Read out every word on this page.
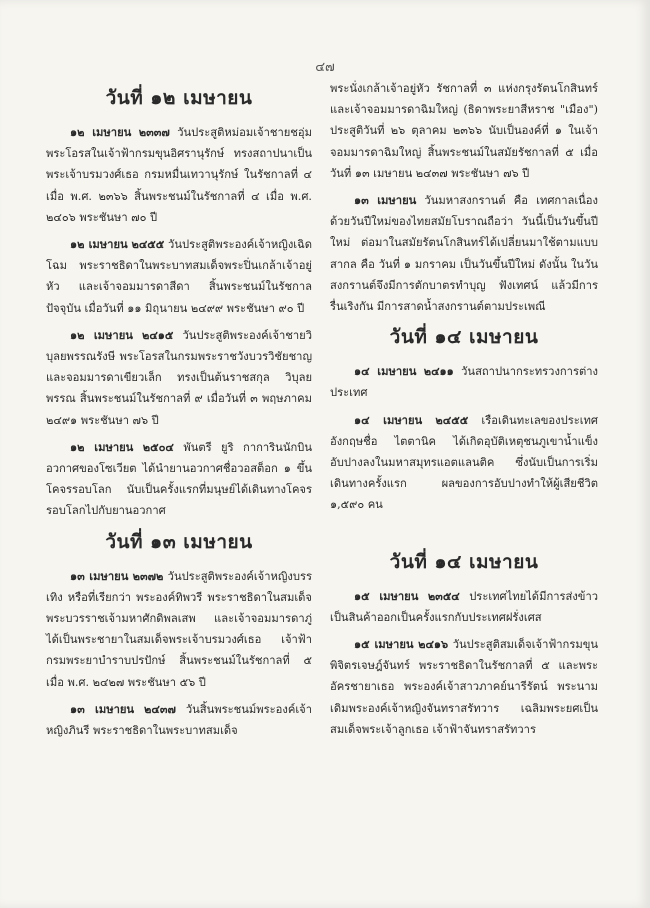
๔๗
วันที่ ๑๒ เมษายน

๑๒ เมษายน ๒๓๓๗ วันประสูติหม่อมเจ้าชายชอุ่ม พระโอรสในเจ้าฟ้ากรมขุนอิศรานุรักษ์ ทรงสถาปนาเป็นพระเจ้าบรมวงศ์เธอ กรมหมื่นเทวานุรักษ์ ในรัชกาลที่ ๔ เมื่อ พ.ศ. ๒๓๖๖ สิ้นพระชนม์ในรัชกาลที่ ๔ เมื่อ พ.ศ. ๒๔๐๖ พระชันษา ๗๐ ปี

๑๒ เมษายน ๒๔๕๕ วันประสูติพระองค์เจ้าหญิงเฉิดโฉม พระราชธิดาในพระบาทสมเด็จพระปิ่นเกล้าเจ้าอยู่หัว และเจ้าจอมมารดาสีดา สิ้นพระชนม์ในรัชกาลปัจจุบัน เมื่อวันที่ ๑๑ มิถุนายน ๒๔๙๙ พระชันษา ๙๐ ปี

๑๒ เมษายน ๒๔๑๕ วันประสูติพระองค์เจ้าชายวิบุลยพรรณรังษี พระโอรสในกรมพระราชวังบวรวิชัยชาญ และจอมมารดาเขียวเล็ก ทรงเป็นต้นราชสกุล วิบุลยพรรณ สิ้นพระชนม์ในรัชกาลที่ ๙ เมื่อวันที่ ๓ พฤษภาคม ๒๔๙๑ พระชันษา ๗๖ ปี

๑๒ เมษายน ๒๕๐๔ พันตรี ยูริ กาการินนักบินอวกาศของโซเวียต ได้นำยานอวกาศชื่อวอสต็อก ๑ ขึ้นโคจรรอบโลก นับเป็นครั้งแรกที่มนุษย์ได้เดินทางโคจรรอบโลกไปกับยานอวกาศ

วันที่ ๑๓ เมษายน

๑๓ เมษายน ๒๓๗๒ วันประสูติพระองค์เจ้าหญิงบรรเทิง หรือที่เรียกว่า พระองค์ทิพวรี พระราชธิดาในสมเด็จพระบวรราชเจ้ามหาศักดิพลเสพ และเจ้าจอมมารดาภู่ ได้เป็นพระชายาในสมเด็จพระเจ้าบรมวงศ์เธอ เจ้าฟ้ากรมพระยาบำราบปรปักษ์ สิ้นพระชนม์ในรัชกาลที่ ๕ เมื่อ พ.ศ. ๒๔๒๗ พระชันษา ๕๖ ปี

๑๓ เมษายน ๒๔๓๗ วันสิ้นพระชนม์พระองค์เจ้าหญิงภินรี พระราชธิดาในพระบาทสมเด็จ

พระนั่งเกล้าเจ้าอยู่หัว รัชกาลที่ ๓ แห่งกรุงรัตนโกสินทร์ และเจ้าจอมมารดาฉิมใหญ่ (ธิดาพระยาสีหราช "เมือง") ประสูติวันที่ ๒๖ ตุลาคม ๒๓๖๖ นับเป็นองค์ที่ ๑ ในเจ้าจอมมารดาฉิมใหญ่ สิ้นพระชนม์ในสมัยรัชกาลที่ ๕ เมื่อวันที่ ๑๓ เมษายน ๒๔๓๗ พระชันษา ๗๖ ปี

๑๓ เมษายน วันมหาสงกรานต์ คือ เทศกาลเนื่องด้วยวันปีใหม่ของไทยสมัยโบราณถือว่า วันนี้เป็นวันขึ้นปีใหม่ ต่อมาในสมัยรัตนโกสินทร์ได้เปลี่ยนมาใช้ตามแบบสากล คือ วันที่ ๑ มกราคม เป็นวันขึ้นปีใหม่ ดังนั้น ในวันสงกรานต์จึงมีการตักบาตรทำบุญ ฟังเทศน์ แล้วมีการรื่นเริงกัน มีการสาดน้ำสงกรานต์ตามประเพณี

วันที่ ๑๔ เมษายน

๑๔ เมษายน ๒๔๑๑ วันสถาปนากระทรวงการต่างประเทศ

๑๔ เมษายน ๒๔๕๕ เรือเดินทะเลของประเทศอังกฤษชื่อ ไตตานิค ได้เกิดอุบัติเหตุชนภูเขาน้ำแข็งอับปางลงในมหาสมุทรแอตแลนติค ซึ่งนับเป็นการเริ่มเดินทางครั้งแรก ผลของการอับปางทำให้ผู้เสียชีวิต ๑,๕๙๐ คน

วันที่ ๑๔ เมษายน

๑๕ เมษายน ๒๓๕๔ ประเทศไทยได้มีการส่งข้าวเป็นสินค้าออกเป็นครั้งแรกกับประเทศฝรั่งเศส

๑๕ เมษายน ๒๔๑๖ วันประสูติสมเด็จเจ้าฟ้ากรมขุนพิจิตรเจษฎ์จันทร์ พระราชธิดาในรัชกาลที่ ๕ และพระอัครชายาเธอ พระองค์เจ้าสาวภาคย์นารีรัตน์ พระนามเดิมพระองค์เจ้าหญิงจันทราสรัทวาร เฉลิมพระยศเป็นสมเด็จพระเจ้าลูกเธอ เจ้าฟ้าจันทราสรัทวาร
